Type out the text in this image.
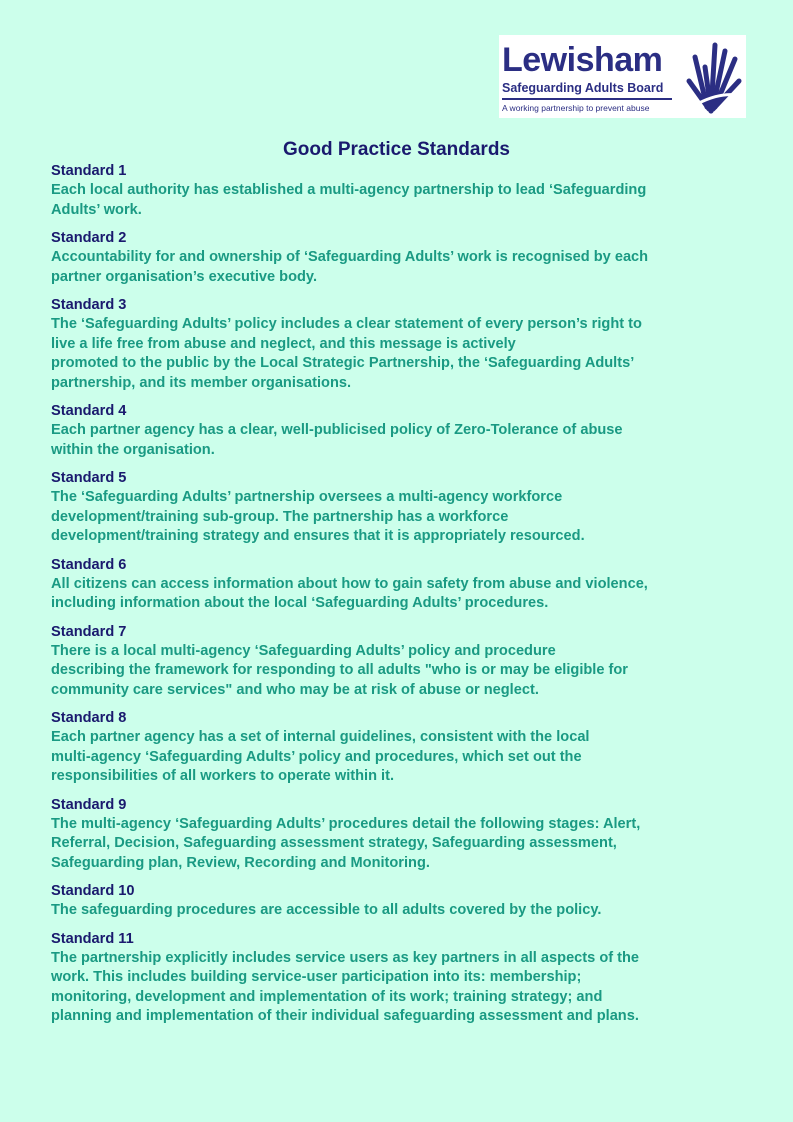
Lewisham
Safeguarding Adults Board
A working partnership to prevent abuse
Good Practice Standards

Standard 1

Each local authority has established a multi-agency partnership to lead ‘Safeguarding
Adults’ work.

Standard 2

Accountability for and ownership of ‘Safeguarding Adults’ work is recognised by each
partner organisation’s executive body.

Standard 3

The ‘Safeguarding Adults’ policy includes a clear statement of every person’s right to
live a life free from abuse and neglect, and this message is actively
promoted to the public by the Local Strategic Partnership, the ‘Safeguarding Adults’
partnership, and its member organisations.

Standard 4

Each partner agency has a clear, well-publicised policy of Zero-Tolerance of abuse
within the organisation.

Standard 5

The ‘Safeguarding Adults’ partnership oversees a multi-agency workforce
development/training sub-group. The partnership has a workforce
development/training strategy and ensures that it is appropriately resourced.

Standard 6

All citizens can access information about how to gain safety from abuse and violence,
including information about the local ‘Safeguarding Adults’ procedures.

Standard 7

There is a local multi-agency ‘Safeguarding Adults’ policy and procedure
describing the framework for responding to all adults "who is or may be eligible for
community care services" and who may be at risk of abuse or neglect.

Standard 8

Each partner agency has a set of internal guidelines, consistent with the local
multi-agency ‘Safeguarding Adults’ policy and procedures, which set out the
responsibilities of all workers to operate within it.

Standard 9

The multi-agency ‘Safeguarding Adults’ procedures detail the following stages: Alert,
Referral, Decision, Safeguarding assessment strategy, Safeguarding assessment,
Safeguarding plan, Review, Recording and Monitoring.

Standard 10

The safeguarding procedures are accessible to all adults covered by the policy.

Standard 11

The partnership explicitly includes service users as key partners in all aspects of the
work. This includes building service-user participation into its: membership;
monitoring, development and implementation of its work; training strategy; and
planning and implementation of their individual safeguarding assessment and plans.
